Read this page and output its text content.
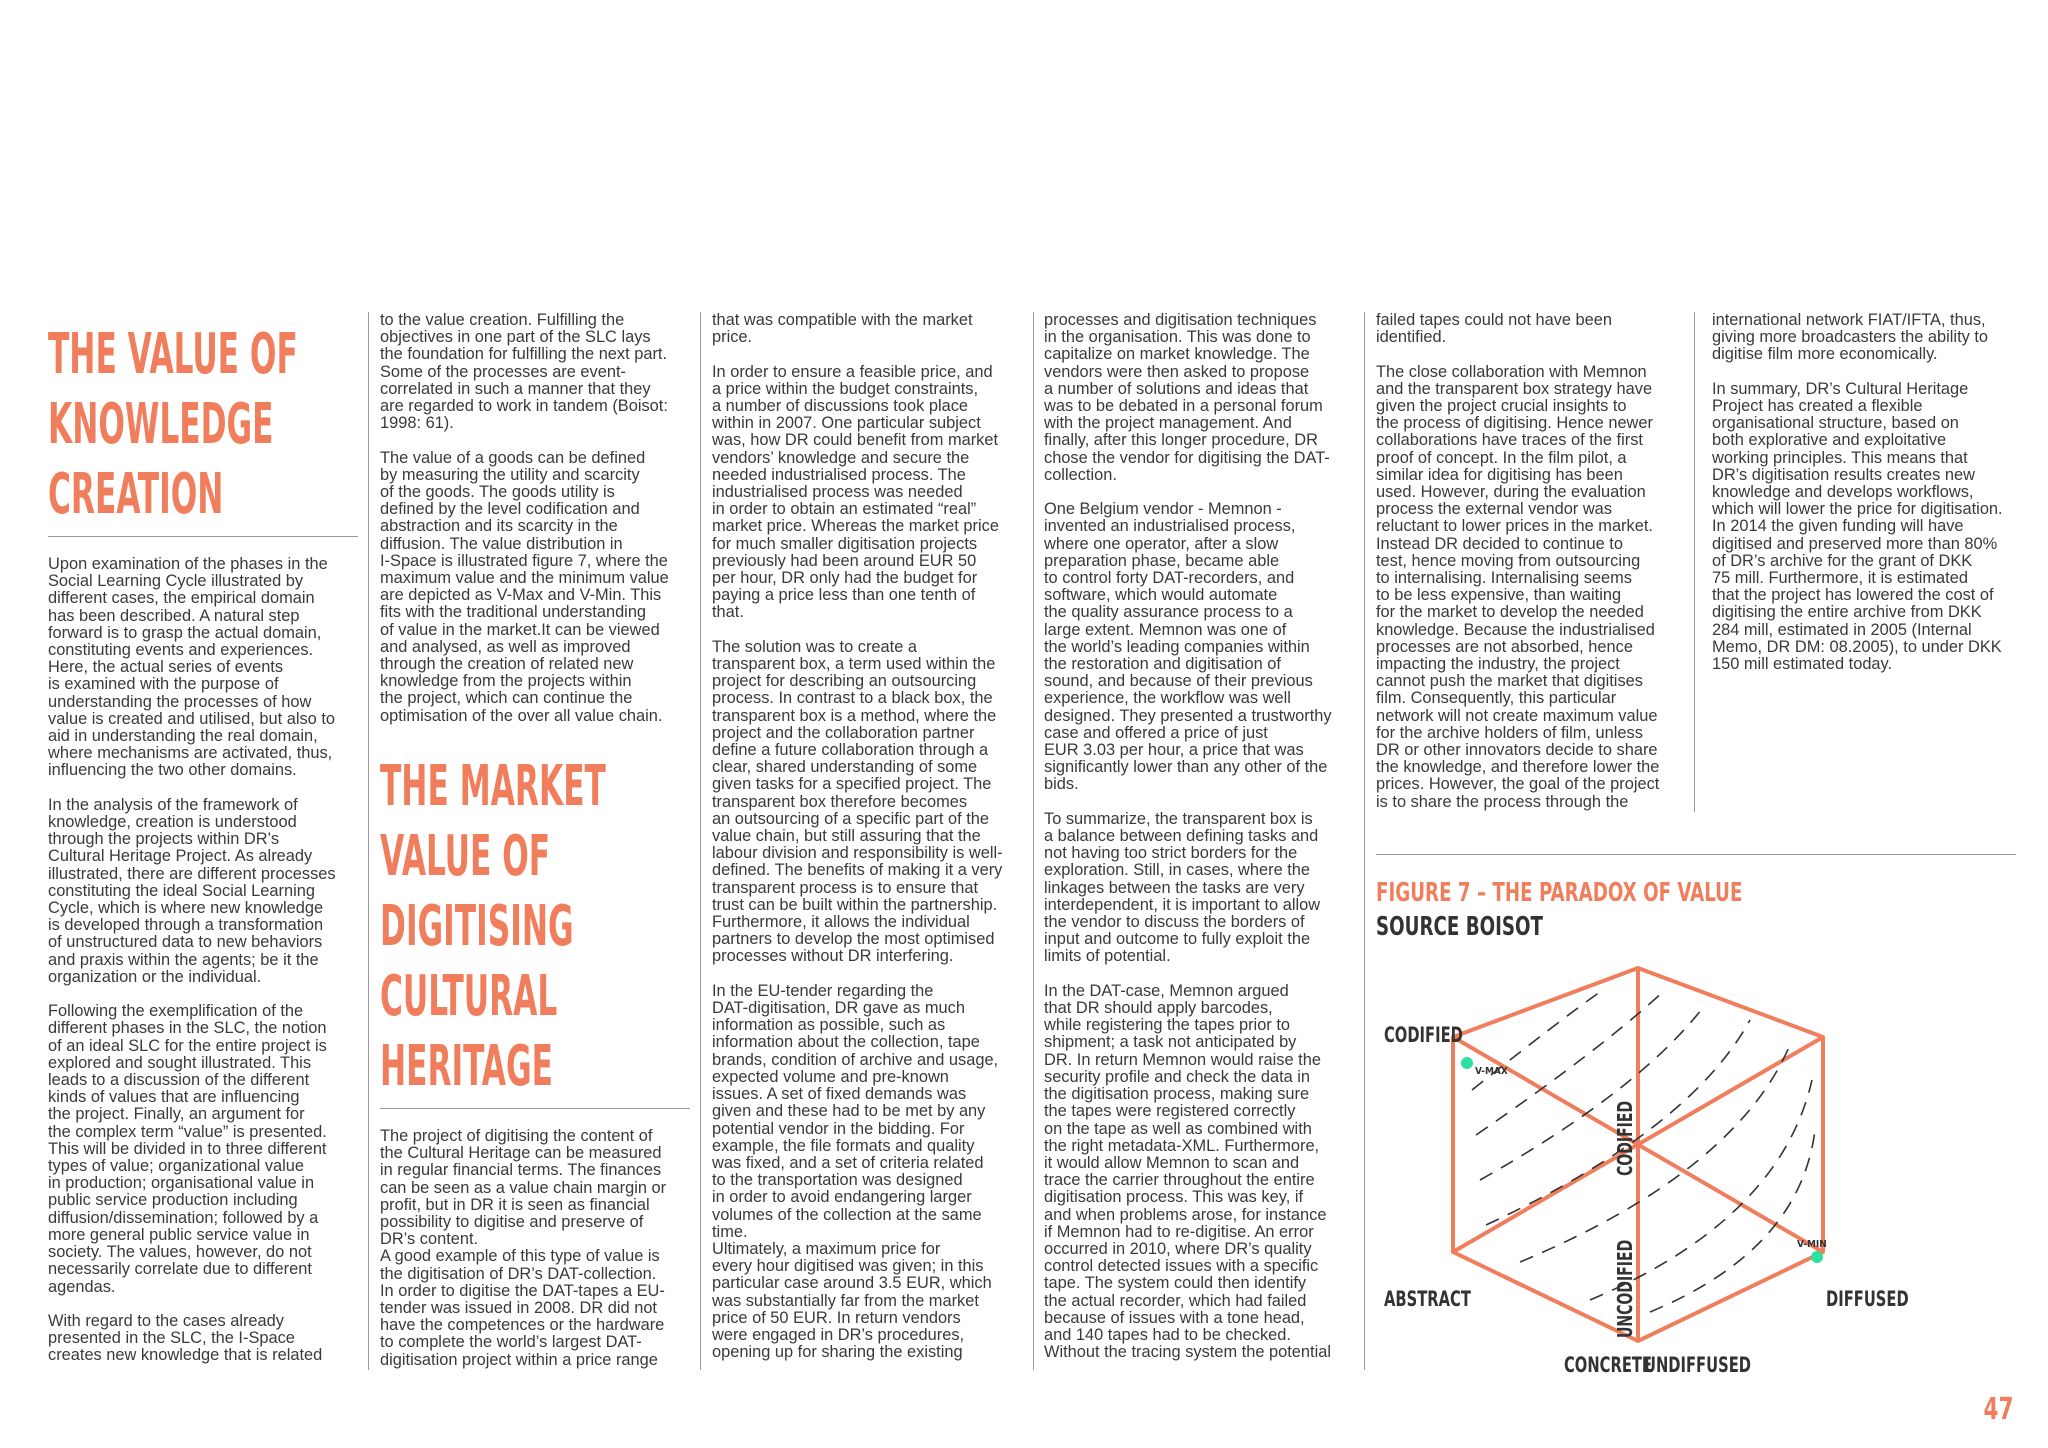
THE VALUE OF
KNOWLEDGE
CREATION

Upon examination of the phases in the
Social Learning Cycle illustrated by
different cases, the empirical domain
has been described. A natural step
forward is to grasp the actual domain,
constituting events and experiences.
Here, the actual series of events
is examined with the purpose of
understanding the processes of how
value is created and utilised, but also to
aid in understanding the real domain,
where mechanisms are activated, thus,
influencing the two other domains.

In the analysis of the framework of
knowledge, creation is understood
through the projects within DR’s
Cultural Heritage Project. As already
illustrated, there are different processes
constituting the ideal Social Learning
Cycle, which is where new knowledge
is developed through a transformation
of unstructured data to new behaviors
and praxis within the agents; be it the
organization or the individual.

Following the exemplification of the
different phases in the SLC, the notion
of an ideal SLC for the entire project is
explored and sought illustrated. This
leads to a discussion of the different
kinds of values that are influencing
the project. Finally, an argument for
the complex term “value” is presented.
This will be divided in to three different
types of value; organizational value
in production; organisational value in
public service production including
diffusion/dissemination; followed by a
more general public service value in
society. The values, however, do not
necessarily correlate due to different
agendas.

With regard to the cases already
presented in the SLC, the I-Space
creates new knowledge that is related

to the value creation. Fulfilling the
objectives in one part of the SLC lays
the foundation for fulfilling the next part.
Some of the processes are event-
correlated in such a manner that they
are regarded to work in tandem (Boisot:
1998: 61).

The value of a goods can be defined
by measuring the utility and scarcity
of the goods. The goods utility is
defined by the level codification and
abstraction and its scarcity in the
diffusion. The value distribution in
I-Space is illustrated figure 7, where the
maximum value and the minimum value
are depicted as V-Max and V-Min. This
fits with the traditional understanding
of value in the market.It can be viewed
and analysed, as well as improved
through the creation of related new
knowledge from the projects within
the project, which can continue the
optimisation of the over all value chain.

THE MARKET
VALUE OF
DIGITISING
CULTURAL
HERITAGE

The project of digitising the content of
the Cultural Heritage can be measured
in regular financial terms. The finances
can be seen as a value chain margin or
profit, but in DR it is seen as financial
possibility to digitise and preserve of
DR’s content.

A good example of this type of value is
the digitisation of DR’s DAT-collection.
In order to digitise the DAT-tapes a EU-
tender was issued in 2008. DR did not
have the competences or the hardware
to complete the world’s largest DAT-
digitisation project within a price range

that was compatible with the market
price.

In order to ensure a feasible price, and
a price within the budget constraints,
a number of discussions took place
within in 2007. One particular subject
was, how DR could benefit from market
vendors’ knowledge and secure the
needed industrialised process. The
industrialised process was needed
in order to obtain an estimated “real”
market price. Whereas the market price
for much smaller digitisation projects
previously had been around EUR 50
per hour, DR only had the budget for
paying a price less than one tenth of
that.

The solution was to create a
transparent box, a term used within the
project for describing an outsourcing
process. In contrast to a black box, the
transparent box is a method, where the
project and the collaboration partner
define a future collaboration through a
clear, shared understanding of some
given tasks for a specified project. The
transparent box therefore becomes
an outsourcing of a specific part of the
value chain, but still assuring that the
labour division and responsibility is well-
defined. The benefits of making it a very
transparent process is to ensure that
trust can be built within the partnership.
Furthermore, it allows the individual
partners to develop the most optimised
processes without DR interfering.

In the EU-tender regarding the
DAT-digitisation, DR gave as much
information as possible, such as
information about the collection, tape
brands, condition of archive and usage,
expected volume and pre-known
issues. A set of fixed demands was
given and these had to be met by any
potential vendor in the bidding. For
example, the file formats and quality
was fixed, and a set of criteria related
to the transportation was designed
in order to avoid endangering larger
volumes of the collection at the same
time.

Ultimately, a maximum price for
every hour digitised was given; in this
particular case around 3.5 EUR, which
was substantially far from the market
price of 50 EUR. In return vendors
were engaged in DR’s procedures,
opening up for sharing the existing

processes and digitisation techniques
in the organisation. This was done to
capitalize on market knowledge. The
vendors were then asked to propose
a number of solutions and ideas that
was to be debated in a personal forum
with the project management. And
finally, after this longer procedure, DR
chose the vendor for digitising the DAT-
collection.

One Belgium vendor - Memnon -
invented an industrialised process,
where one operator, after a slow
preparation phase, became able
to control forty DAT-recorders, and
software, which would automate
the quality assurance process to a
large extent. Memnon was one of
the world’s leading companies within
the restoration and digitisation of
sound, and because of their previous
experience, the workflow was well
designed. They presented a trustworthy
case and offered a price of just
EUR 3.03 per hour, a price that was
significantly lower than any other of the
bids.

To summarize, the transparent box is
a balance between defining tasks and
not having too strict borders for the
exploration. Still, in cases, where the
linkages between the tasks are very
interdependent, it is important to allow
the vendor to discuss the borders of
input and outcome to fully exploit the
limits of potential.

In the DAT-case, Memnon argued
that DR should apply barcodes,
while registering the tapes prior to
shipment; a task not anticipated by
DR. In return Memnon would raise the
security profile and check the data in
the digitisation process, making sure
the tapes were registered correctly
on the tape as well as combined with
the right metadata-XML. Furthermore,
it would allow Memnon to scan and
trace the carrier throughout the entire
digitisation process. This was key, if
and when problems arose, for instance
if Memnon had to re-digitise. An error
occurred in 2010, where DR’s quality
control detected issues with a specific
tape. The system could then identify
the actual recorder, which had failed
because of issues with a tone head,
and 140 tapes had to be checked.
Without the tracing system the potential

failed tapes could not have been
identified.

The close collaboration with Memnon
and the transparent box strategy have
given the project crucial insights to
the process of digitising. Hence newer
collaborations have traces of the first
proof of concept. In the film pilot, a
similar idea for digitising has been
used. However, during the evaluation
process the external vendor was
reluctant to lower prices in the market.
Instead DR decided to continue to
test, hence moving from outsourcing
to internalising. Internalising seems
to be less expensive, than waiting
for the market to develop the needed
knowledge. Because the industrialised
processes are not absorbed, hence
impacting the industry, the project
cannot push the market that digitises
film. Consequently, this particular
network will not create maximum value
for the archive holders of film, unless
DR or other innovators decide to share
the knowledge, and therefore lower the
prices. However, the goal of the project
is to share the process through the

international network FIAT/IFTA, thus,
giving more broadcasters the ability to
digitise film more economically.

In summary, DR’s Cultural Heritage
Project has created a flexible
organisational structure, based on
both explorative and exploitative
working principles. This means that
DR’s digitisation results creates new
knowledge and develops workflows,
which will lower the price for digitisation.
In 2014 the given funding will have
digitised and preserved more than 80%
of DR’s archive for the grant of DKK
75 mill. Furthermore, it is estimated
that the project has lowered the cost of
digitising the entire archive from DKK
284 mill, estimated in 2005 (Internal
Memo, DR DM: 08.2005), to under DKK
150 mill estimated today.

FIGURE 7 – THE PARADOX OF VALUE
SOURCE BOISOT
CODIFIED
ABSTRACT	DIFFUSED
CONCRETE
UNDIFFUSED
CODIFIED
UNCODIFIED
V-MAX
V-MIN
47
